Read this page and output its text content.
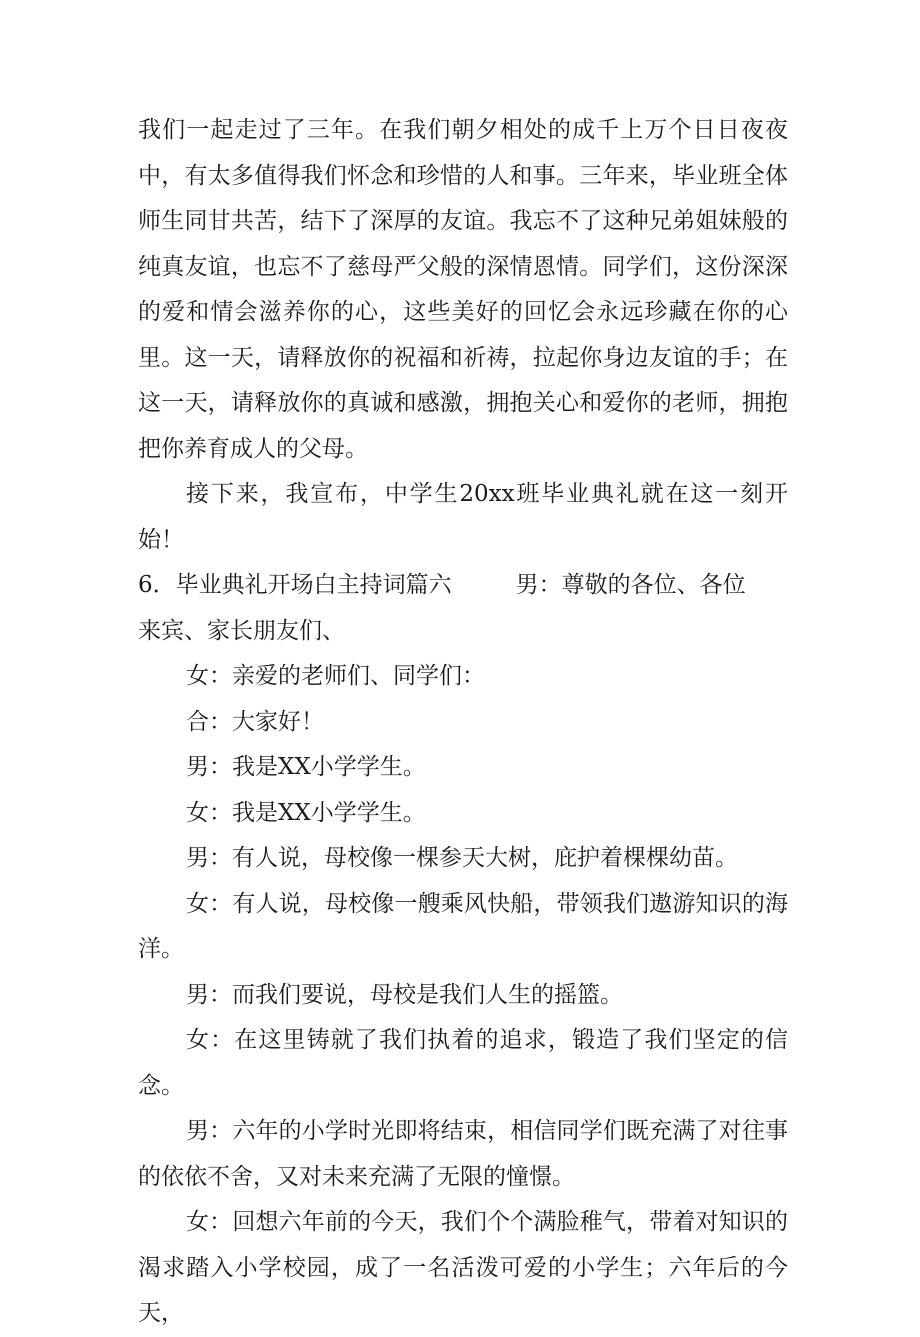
我们一起走过了三年。在我们朝夕相处的成千上万个日日夜夜中，有太多值得我们怀念和珍惜的人和事。三年来，毕业班全体师生同甘共苦，结下了深厚的友谊。我忘不了这种兄弟姐妹般的纯真友谊，也忘不了慈母严父般的深情恩情。同学们，这份深深的爱和情会滋养你的心，这些美好的回忆会永远珍藏在你的心里。这一天，请释放你的祝福和祈祷，拉起你身边友谊的手；在这一天，请释放你的真诚和感激，拥抱关心和爱你的老师，拥抱把你养育成人的父母。

接下来，我宣布，中学生20xx班毕业典礼就在这一刻开始！

6．毕业典礼开场白主持词篇六	男：尊敬的各位、各位

来宾、家长朋友们、

女：亲爱的老师们、同学们：

合：大家好！

男：我是XX小学学生。

女：我是XX小学学生。

男：有人说，母校像一棵参天大树，庇护着棵棵幼苗。

女：有人说，母校像一艘乘风快船，带领我们遨游知识的海洋。

男：而我们要说，母校是我们人生的摇篮。

女：在这里铸就了我们执着的追求，锻造了我们坚定的信念。

男：六年的小学时光即将结束，相信同学们既充满了对往事的依依不舍，又对未来充满了无限的憧憬。

女：回想六年前的今天，我们个个满脸稚气，带着对知识的渴求踏入小学校园，成了一名活泼可爱的小学生；六年后的今天，
